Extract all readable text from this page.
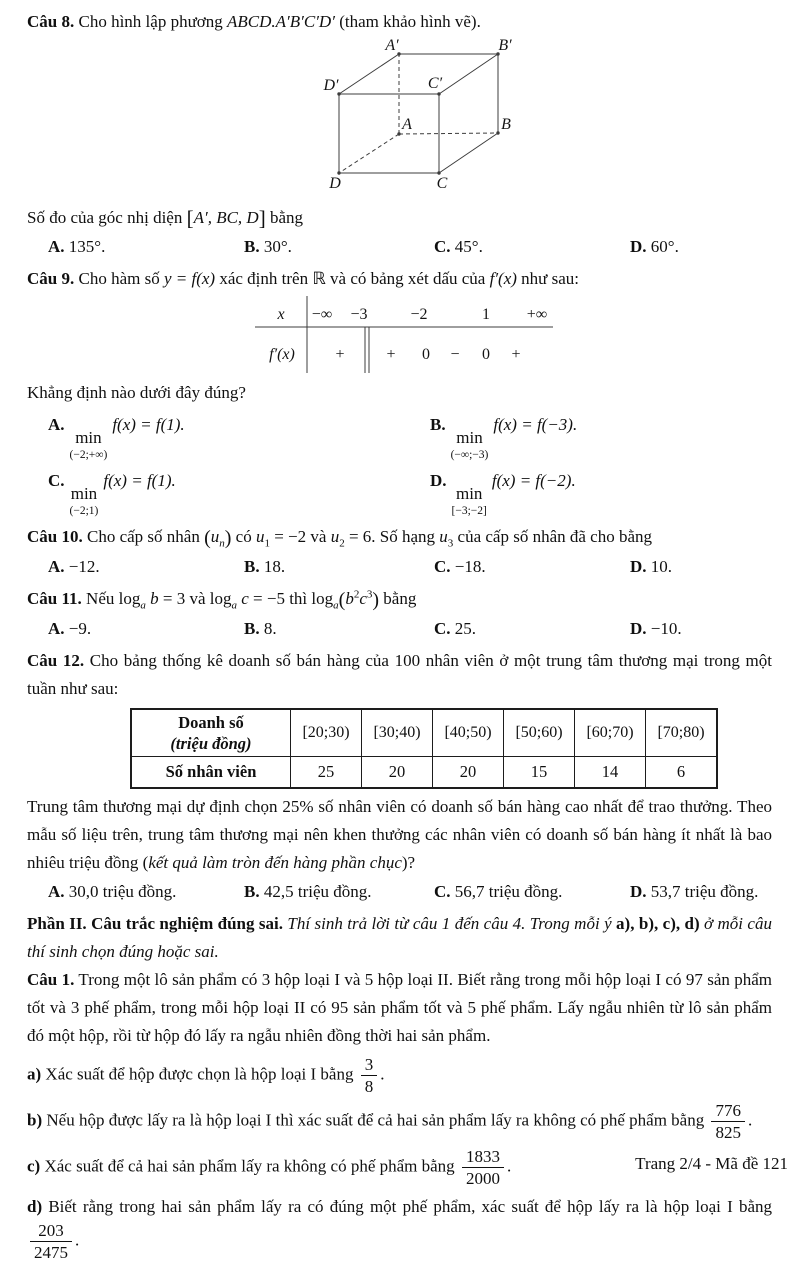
Câu 8. Cho hình lập phương ABCD.A′B′C′D′ (tham khảo hình vẽ).

A′	B′
C′
D′
A	B
C
D

Số đo của góc nhị diện [A′, BC, D] bằng

A. 135°.	B. 30°.	C. 45°.	D. 60°.

Câu 9. Cho hàm số y = f(x) xác định trên ℝ và có bảng xét dấu của f′(x) như sau:

x −∞ −3	−2	1 +∞
f′(x)	+	+ 0 − 0 +

Khẳng định nào dưới đây đúng?

A.
min
(−2;+∞)
f(x) = f(1).	B.
min
(−∞;−3)
f(x) = f(−3).
C.
min
(−2;1)
f(x) = f(1).	D.
min
[−3;−2]
f(x) = f(−2).

Câu 10. Cho cấp số nhân $(u_n)$ có $u_1 = -2$ và $u_2 = 6$. Số hạng $u_3$ của cấp số nhân đã cho bằng

A. −12.	B. 18.	C. −18.	D. 10.

Câu 11. Nếu $\log_a b = 3$ và $\log_a c = -5$ thì $\log_a(b^2c^3)$ bằng

A. −9.	B. 8.	C. 25.	D. −10.

Câu 12. Cho bảng thống kê doanh số bán hàng của 100 nhân viên ở một trung tâm thương mại trong một tuần như sau:

Doanh số
(triệu đồng)	[20;30)	[30;40)	[40;50)	[50;60)	[60;70)	[70;80)
Số nhân viên	25	20	20	15	14	6

Trung tâm thương mại dự định chọn 25% số nhân viên có doanh số bán hàng cao nhất để trao thưởng. Theo mẫu số liệu trên, trung tâm thương mại nên khen thưởng các nhân viên có doanh số bán hàng ít nhất là bao nhiêu triệu đồng (kết quả làm tròn đến hàng phần chục)?

A. 30,0 triệu đồng.	B. 42,5 triệu đồng.	C. 56,7 triệu đồng.	D. 53,7 triệu đồng.

Phần II. Câu trắc nghiệm đúng sai. Thí sinh trả lời từ câu 1 đến câu 4. Trong mỗi ý a), b), c), d) ở mỗi câu thí sinh chọn đúng hoặc sai.

Câu 1. Trong một lô sản phẩm có 3 hộp loại I và 5 hộp loại II. Biết rằng trong mỗi hộp loại I có 97 sản phẩm tốt và 3 phế phẩm, trong mỗi hộp loại II có 95 sản phẩm tốt và 5 phế phẩm. Lấy ngẫu nhiên từ lô sản phẩm đó một hộp, rồi từ hộp đó lấy ra ngẫu nhiên đồng thời hai sản phẩm.

a) Xác suất để hộp được chọn là hộp loại I bằng $\frac{3}{8}$ .

b) Nếu hộp được lấy ra là hộp loại I thì xác suất để cả hai sản phẩm lấy ra không có phế phẩm bằng $\frac{776}{825}$ .

c) Xác suất để cả hai sản phẩm lấy ra không có phế phẩm bằng $\frac{1833}{2000}$ .

d) Biết rằng trong hai sản phẩm lấy ra có đúng một phế phẩm, xác suất để hộp lấy ra là hộp loại I bằng
$\frac{203}{2475}$ .

Trang 2/4 - Mã đề 121
